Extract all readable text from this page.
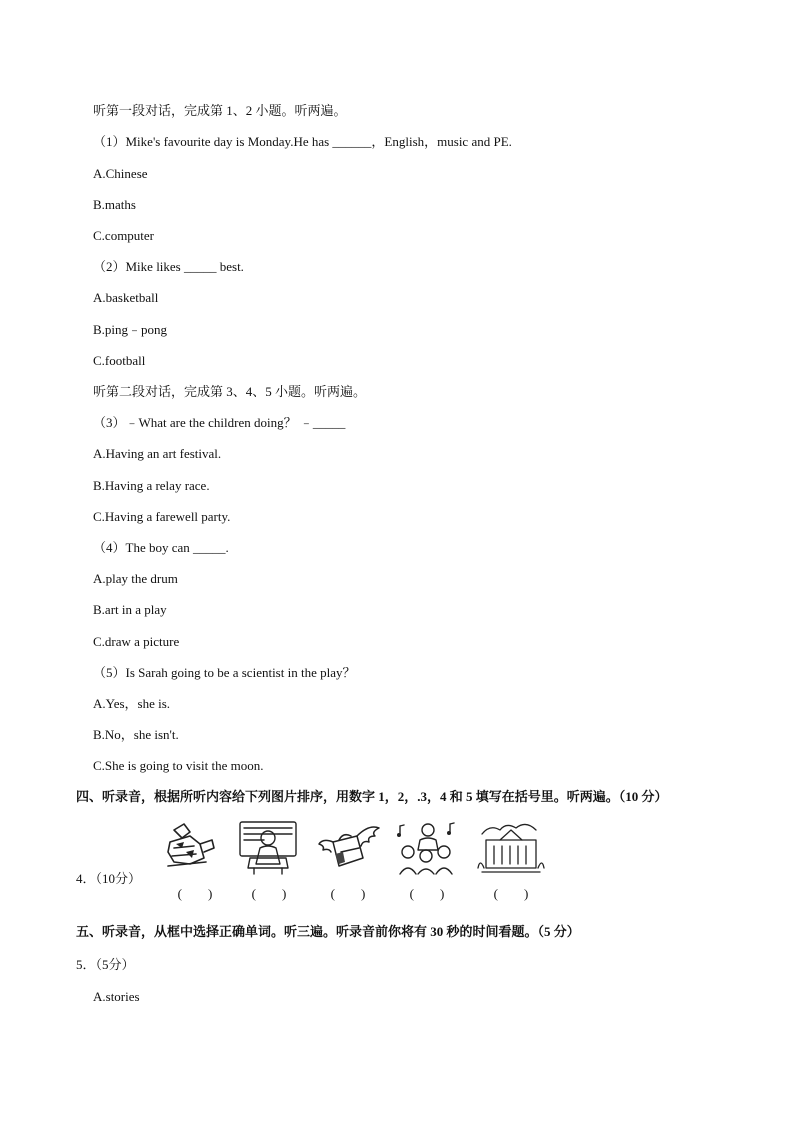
听第一段对话，完成第 1、2 小题。听两遍。
（1）Mike's favourite day is Monday.He has ______，English，music and PE.
A.Chinese
B.maths
C.computer
（2）Mike likes _____ best.
A.basketball
B.ping﹣pong
C.football
听第二段对话，完成第 3、4、5 小题。听两遍。
（3）﹣What are the children doing？ ﹣_____
A.Having an art festival.
B.Having a relay race.
C.Having a farewell party.
（4）The boy can _____.
A.play the drum
B.art in a play
C.draw a picture
（5）Is Sarah going to be a scientist in the play？
A.Yes，she is.
B.No，she isn't.
C.She is going to visit the moon.
四、听录音，根据所听内容给下列图片排序，用数字 1，2，.3，4 和 5 填写在括号里。听两遍。（10 分）
(　　)	(　　)	(　　)	(　　)	(　　)
4．（10分）
五、听录音，从框中选择正确单词。听三遍。听录音前你将有 30 秒的时间看题。（5 分）
5．（5分）
A.stories
